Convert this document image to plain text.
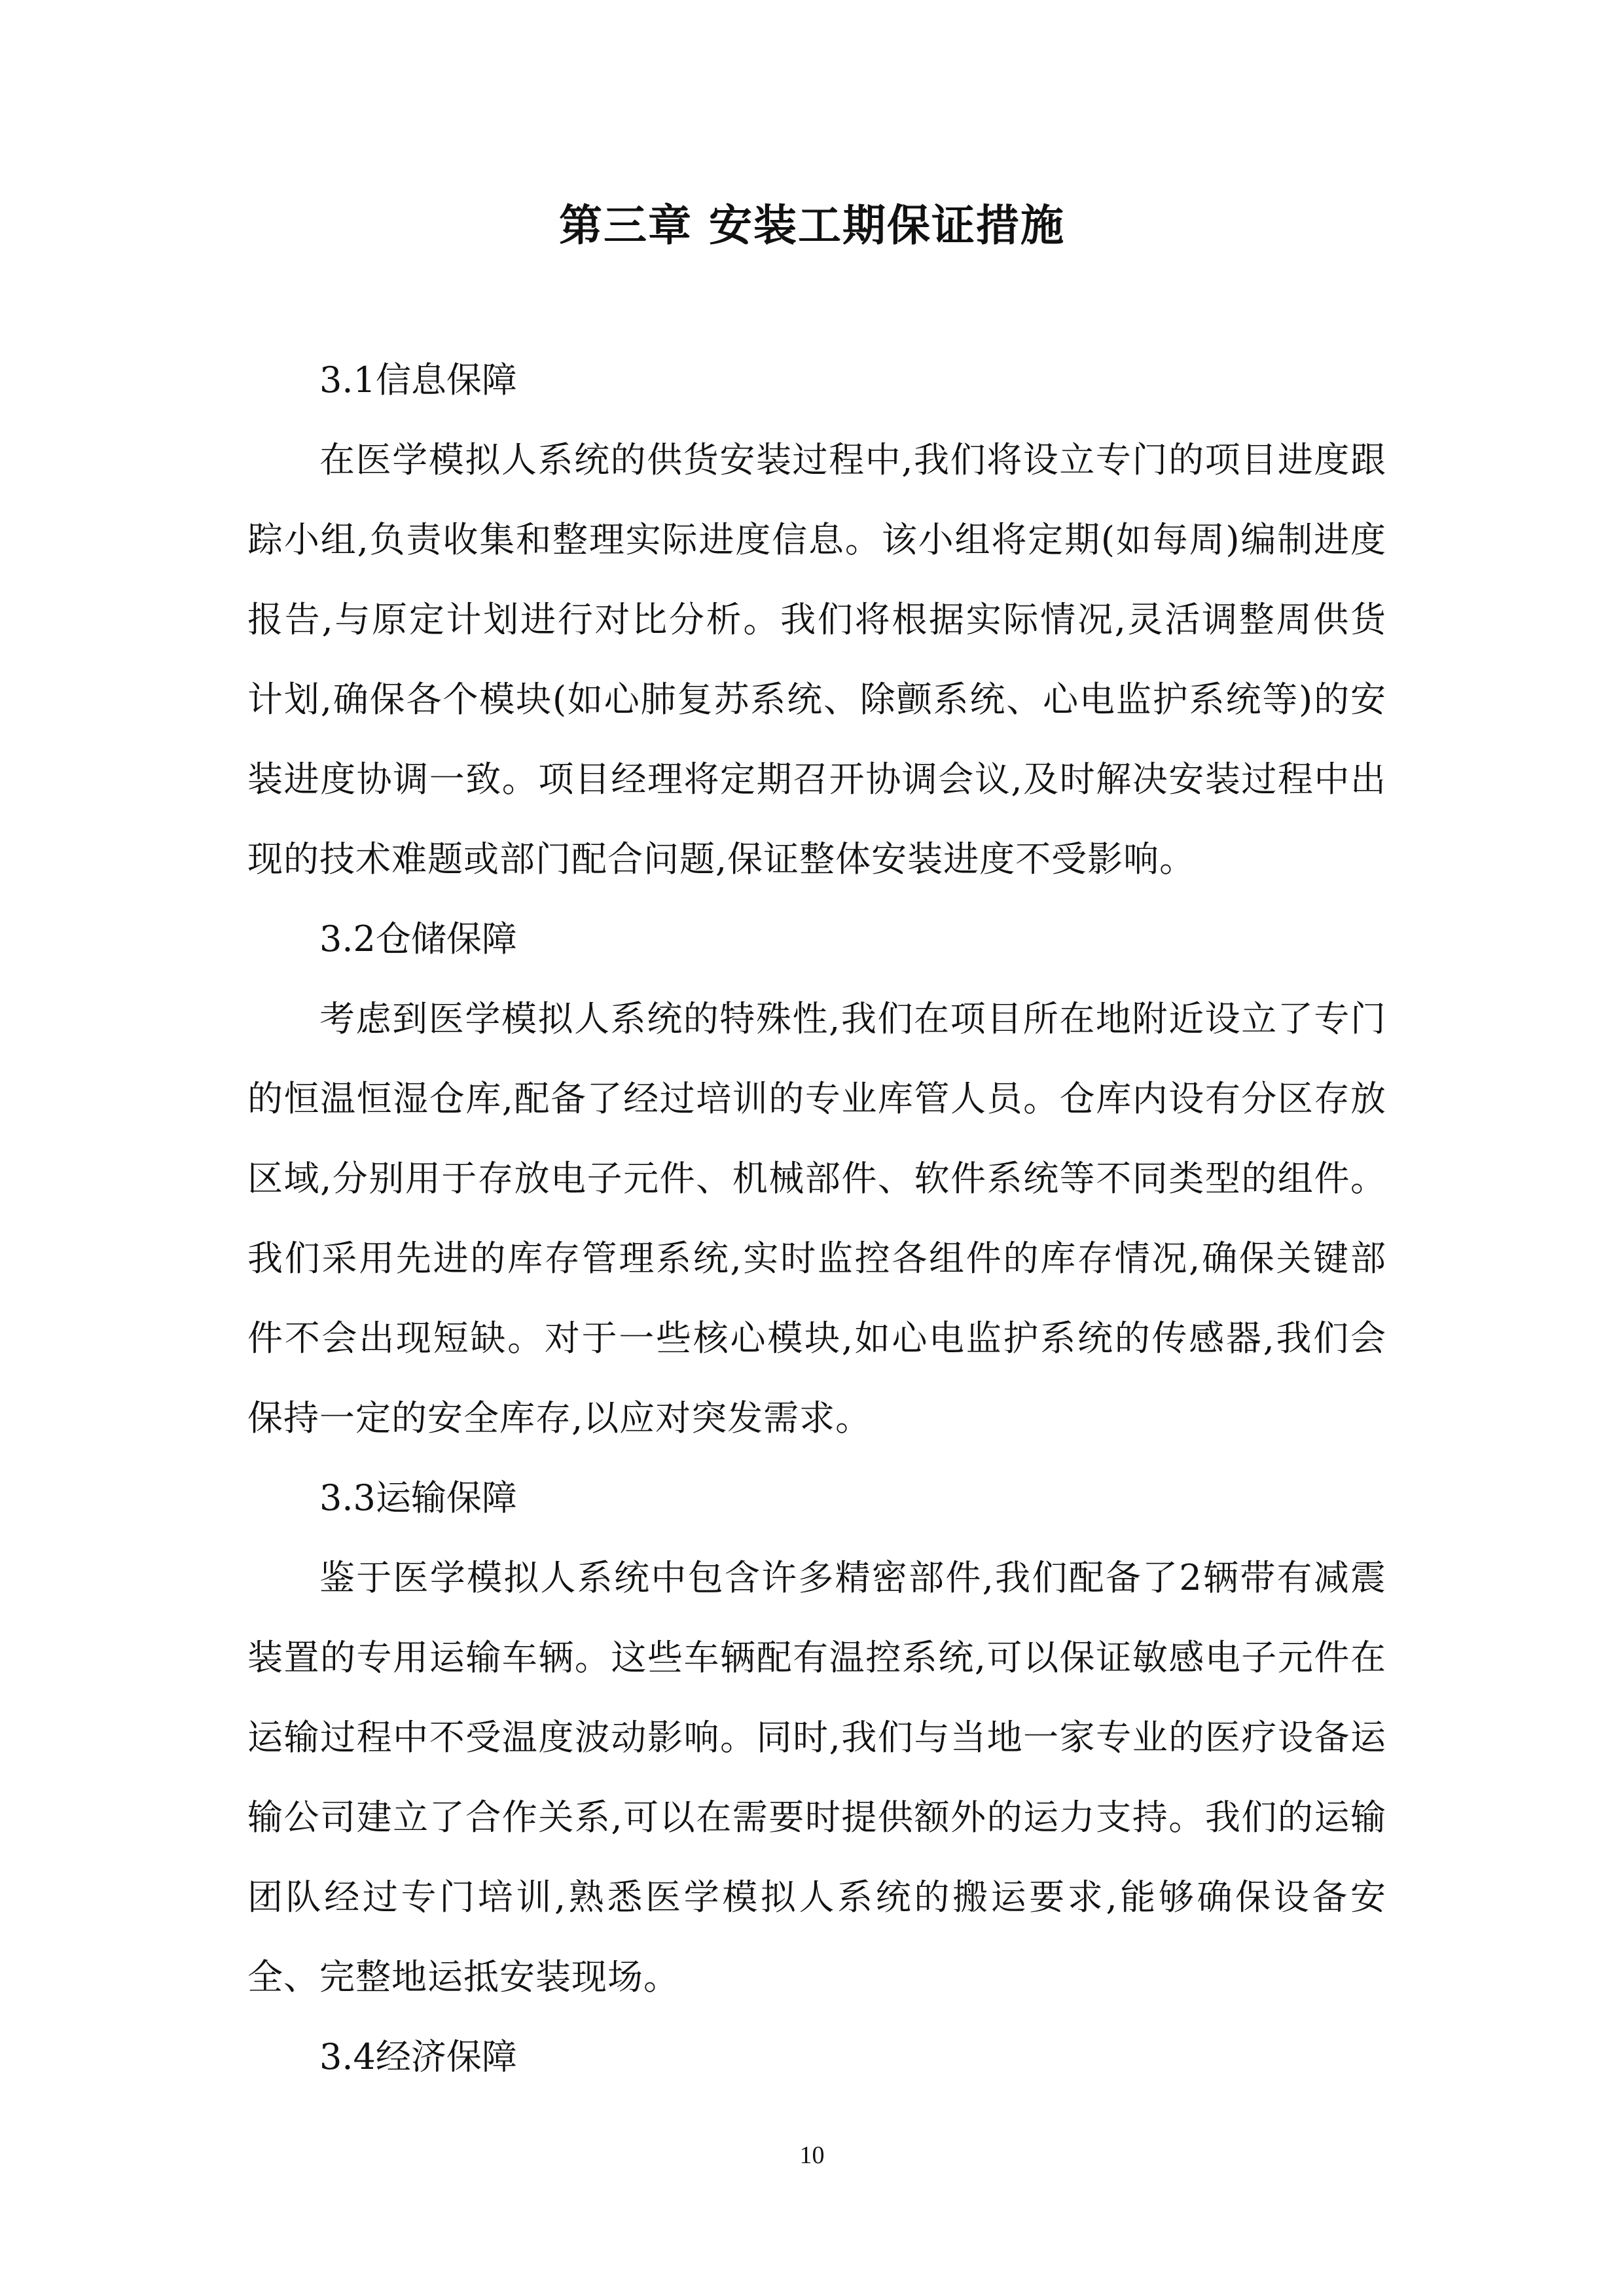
第三章 安装工期保证措施
3.1信息保障

在医学模拟人系统的供货安装过程中,我们将设立专门的项目进度跟踪小组,负责收集和整理实际进度信息。该小组将定期(如每周)编制进度报告,与原定计划进行对比分析。我们将根据实际情况,灵活调整周供货计划,确保各个模块(如心肺复苏系统、除颤系统、心电监护系统等)的安装进度协调一致。项目经理将定期召开协调会议,及时解决安装过程中出现的技术难题或部门配合问题,保证整体安装进度不受影响。

3.2仓储保障

考虑到医学模拟人系统的特殊性,我们在项目所在地附近设立了专门的恒温恒湿仓库,配备了经过培训的专业库管人员。仓库内设有分区存放区域,分别用于存放电子元件、机械部件、软件系统等不同类型的组件。我们采用先进的库存管理系统,实时监控各组件的库存情况,确保关键部件不会出现短缺。对于一些核心模块,如心电监护系统的传感器,我们会保持一定的安全库存,以应对突发需求。

3.3运输保障

鉴于医学模拟人系统中包含许多精密部件,我们配备了2辆带有减震装置的专用运输车辆。这些车辆配有温控系统,可以保证敏感电子元件在运输过程中不受温度波动影响。同时,我们与当地一家专业的医疗设备运输公司建立了合作关系,可以在需要时提供额外的运力支持。我们的运输团队经过专门培训,熟悉医学模拟人系统的搬运要求,能够确保设备安全、完整地运抵安装现场。

3.4经济保障
10
